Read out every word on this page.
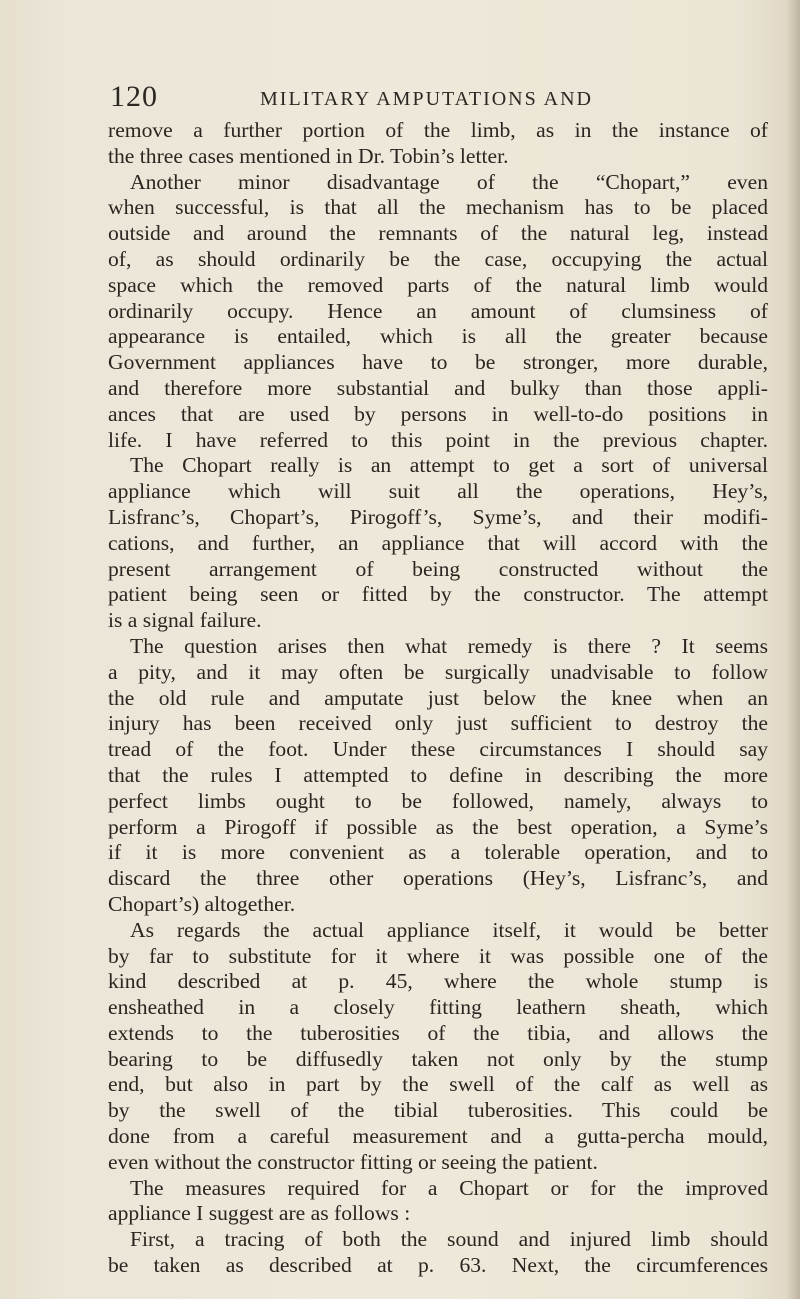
120	MILITARY AMPUTATIONS AND
remove a further portion of the limb, as in the instance of
the three cases mentioned in Dr. Tobin’s letter.
Another minor disadvantage of the “Chopart,” even
when successful, is that all the mechanism has to be placed
outside and around the remnants of the natural leg, instead
of, as should ordinarily be the case, occupying the actual
space which the removed parts of the natural limb would
ordinarily occupy. Hence an amount of clumsiness of
appearance is entailed, which is all the greater because
Government appliances have to be stronger, more durable,
and therefore more substantial and bulky than those appli-
ances that are used by persons in well-to-do positions in
life. I have referred to this point in the previous chapter.
The Chopart really is an attempt to get a sort of universal
appliance which will suit all the operations, Hey’s,
Lisfranc’s, Chopart’s, Pirogoff’s, Syme’s, and their modifi-
cations, and further, an appliance that will accord with the
present arrangement of being constructed without the
patient being seen or fitted by the constructor. The attempt
is a signal failure.
The question arises then what remedy is there ? It seems
a pity, and it may often be surgically unadvisable to follow
the old rule and amputate just below the knee when an
injury has been received only just sufficient to destroy the
tread of the foot. Under these circumstances I should say
that the rules I attempted to define in describing the more
perfect limbs ought to be followed, namely, always to
perform a Pirogoff if possible as the best operation, a Syme’s
if it is more convenient as a tolerable operation, and to
discard the three other operations (Hey’s, Lisfranc’s, and
Chopart’s) altogether.
As regards the actual appliance itself, it would be better
by far to substitute for it where it was possible one of the
kind described at p. 45, where the whole stump is
ensheathed in a closely fitting leathern sheath, which
extends to the tuberosities of the tibia, and allows the
bearing to be diffusedly taken not only by the stump
end, but also in part by the swell of the calf as well as
by the swell of the tibial tuberosities. This could be
done from a careful measurement and a gutta-percha mould,
even without the constructor fitting or seeing the patient.
The measures required for a Chopart or for the improved
appliance I suggest are as follows :
First, a tracing of both the sound and injured limb should
be taken as described at p. 63. Next, the circumferences
